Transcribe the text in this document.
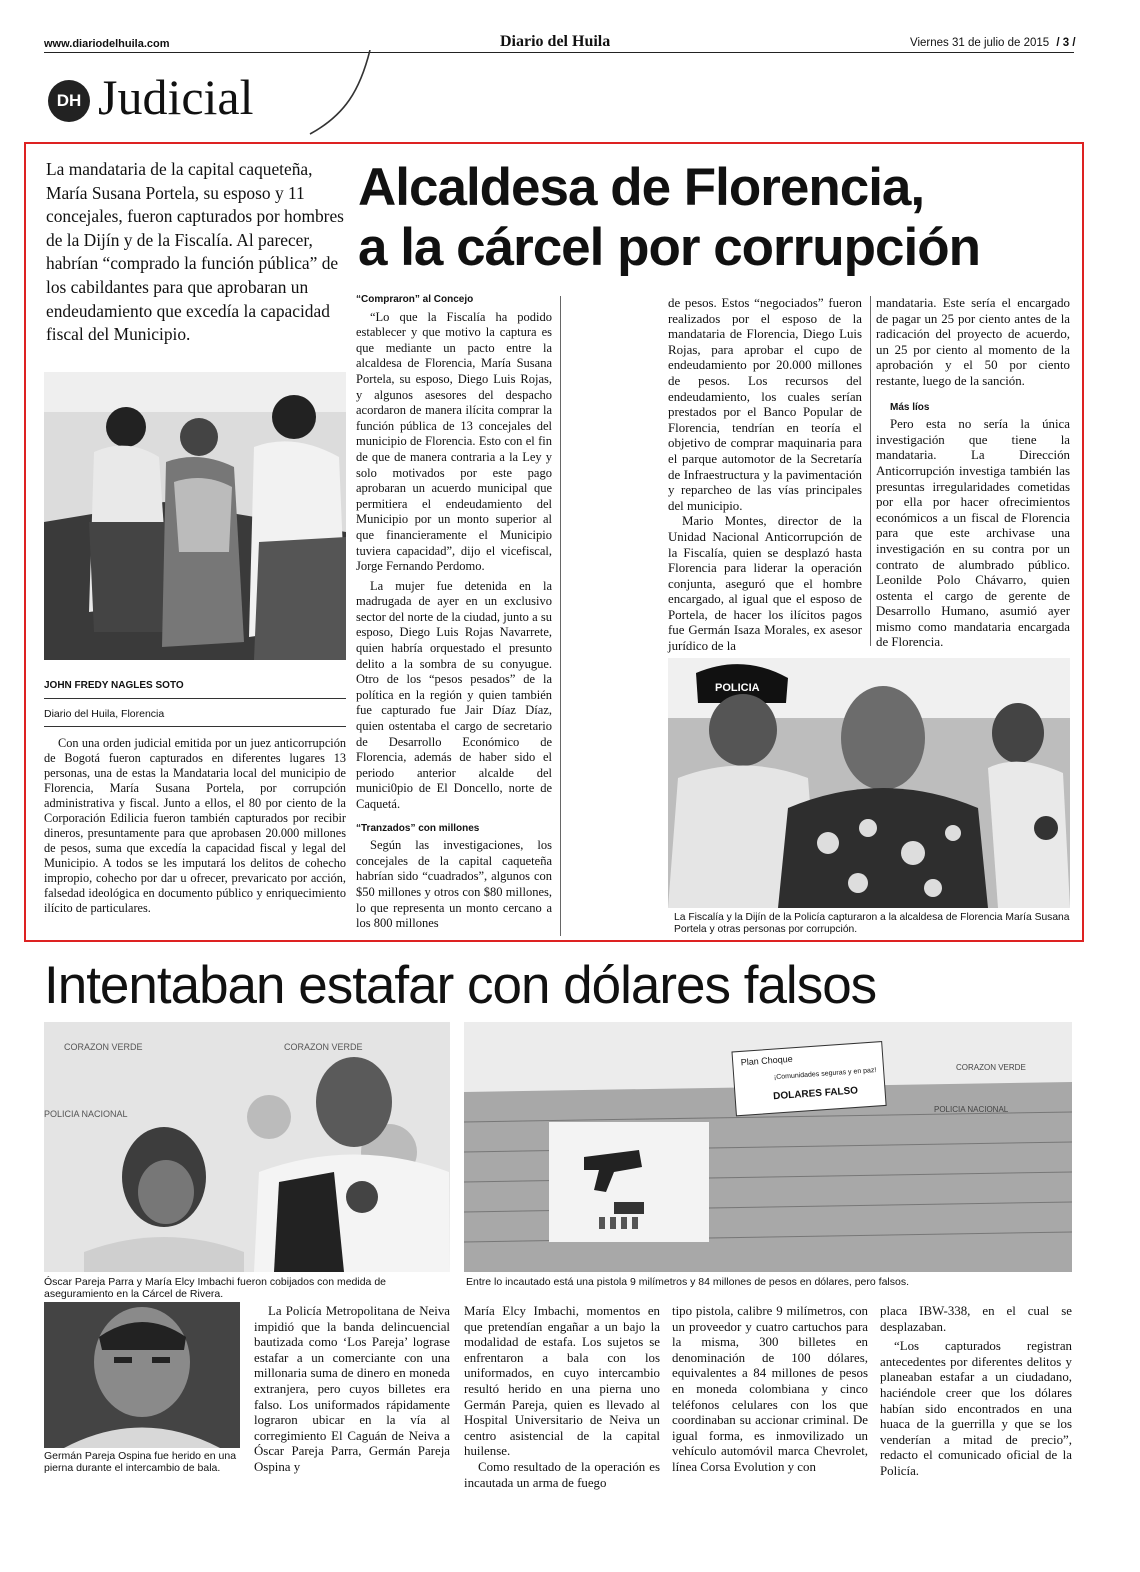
www.diariodelhuila.com	Diario del Huila	Viernes 31 de julio de 2015 / 3 /
DH Judicial
La mandataria de la capital caqueteña, María Susana Portela, su esposo y 11 concejales, fueron capturados por hombres de la Dijín y de la Fiscalía. Al parecer, habrían “comprado la función pública” de los cabildantes para que aprobaran un endeudamiento que excedía la capacidad fiscal del Municipio.
Alcaldesa de Florencia,
a la cárcel por corrupción
JOHN FREDY NAGLES SOTO
Diario del Huila, Florencia

Con una orden judicial emitida por un juez anticorrupción de Bogotá fueron capturados en diferentes lugares 13 personas, una de estas la Mandataria local del municipio de Florencia, María Susana Portela, por corrupción administrativa y fiscal. Junto a ellos, el 80 por ciento de la Corporación Edilicia fueron también capturados por recibir dineros, presuntamente para que aprobasen 20.000 millones de pesos, suma que excedía la capacidad fiscal y legal del Municipio. A todos se les imputará los delitos de cohecho impropio, cohecho por dar u ofrecer, prevaricato por acción, falsedad ideológica en documento público y enriquecimiento ilícito de particulares.

“Compraron” al Concejo

“Lo que la Fiscalía ha podido establecer y que motivo la captura es que mediante un pacto entre la alcaldesa de Florencia, María Susana Portela, su esposo, Diego Luis Rojas, y algunos asesores del despacho acordaron de manera ilícita comprar la función pública de 13 concejales del municipio de Florencia. Esto con el fin de que de manera contraria a la Ley y solo motivados por este pago aprobaran un acuerdo municipal que permitiera el endeudamiento del Municipio por un monto superior al que financieramente el Municipio tuviera capacidad”, dijo el vicefiscal, Jorge Fernando Perdomo.

La mujer fue detenida en la madrugada de ayer en un exclusivo sector del norte de la ciudad, junto a su esposo, Diego Luis Rojas Navarrete, quien habría orquestado el presunto delito a la sombra de su conyugue. Otro de los “pesos pesados” de la política en la región y quien también fue capturado fue Jair Díaz Díaz, quien ostentaba el cargo de secretario de Desarrollo Económico de Florencia, además de haber sido el periodo anterior alcalde del munici0pio de El Doncello, norte de Caquetá.

“Tranzados” con millones

Según las investigaciones, los concejales de la capital caqueteña habrían sido “cuadrados”, algunos con $50 millones y otros con $80 millones, lo que representa un monto cercano a los 800 millones

de pesos. Estos “negociados” fueron realizados por el esposo de la mandataria de Florencia, Diego Luis Rojas, para aprobar el cupo de endeudamiento por 20.000 millones de pesos. Los recursos del endeudamiento, los cuales serían prestados por el Banco Popular de Florencia, tendrían en teoría el objetivo de comprar maquinaria para el parque automotor de la Secretaría de Infraestructura y la pavimentación y reparcheo de las vías principales del municipio.

Mario Montes, director de la Unidad Nacional Anticorrupción de la Fiscalía, quien se desplazó hasta Florencia para liderar la operación conjunta, aseguró que el hombre encargado, al igual que el esposo de Portela, de hacer los ilícitos pagos fue Germán Isaza Morales, ex asesor jurídico de la

mandataria. Este sería el encargado de pagar un 25 por ciento antes de la radicación del proyecto de acuerdo, un 25 por ciento al momento de la aprobación y el 50 por ciento restante, luego de la sanción.

Más líos

Pero esta no sería la única investigación que tiene la mandataria. La Dirección Anticorrupción investiga también las presuntas irregularidades cometidas por ella por hacer ofrecimientos económicos a un fiscal de Florencia para que este archivase una investigación en su contra por un contrato de alumbrado público. Leonilde Polo Chávarro, quien ostenta el cargo de gerente de Desarrollo Humano, asumió ayer mismo como mandataria encargada de Florencia.

POLICIA
La Fiscalía y la Dijín de la Policía capturaron a la alcaldesa de Florencia María Susana Portela y otras personas por corrupción.
Intentaban estafar con dólares falsos
CORAZON VERDE	CORAZON VERDE
POLICIA NACIONAL
Óscar Pareja Parra y María Elcy Imbachi fueron cobijados con medida de aseguramiento en la Cárcel de Rivera.
Plan Choque
¡Comunidades seguras y en paz!
DOLARES FALSO
CORAZON VERDE
POLICIA NACIONAL
Entre lo incautado está una pistola 9 milímetros y 84 millones de pesos en dólares, pero falsos.
Germán Pareja Ospina fue herido en una pierna durante el intercambio de bala.

La Policía Metropolitana de Neiva impidió que la banda delincuencial bautizada como ‘Los Pareja’ lograse estafar a un comerciante con una millonaria suma de dinero en moneda extranjera, pero cuyos billetes era falso. Los uniformados rápidamente lograron ubicar en la vía al corregimiento El Caguán de Neiva a Óscar Pareja Parra, Germán Pareja Ospina y

María Elcy Imbachi, momentos en que pretendían engañar a un bajo la modalidad de estafa. Los sujetos se enfrentaron a bala con los uniformados, en cuyo intercambio resultó herido en una pierna uno Germán Pareja, quien es llevado al Hospital Universitario de Neiva un centro asistencial de la capital huilense.

Como resultado de la operación es incautada un arma de fuego

tipo pistola, calibre 9 milímetros, con un proveedor y cuatro cartuchos para la misma, 300 billetes en denominación de 100 dólares, equivalentes a 84 millones de pesos en moneda colombiana y cinco teléfonos celulares con los que coordinaban su accionar criminal. De igual forma, es inmovilizado un vehículo automóvil marca Chevrolet, línea Corsa Evolution y con

placa IBW-338, en el cual se desplazaban.

“Los capturados registran antecedentes por diferentes delitos y planeaban estafar a un ciudadano, haciéndole creer que los dólares habían sido encontrados en una huaca de la guerrilla y que se los venderían a mitad de precio”, redacto el comunicado oficial de la Policía.
